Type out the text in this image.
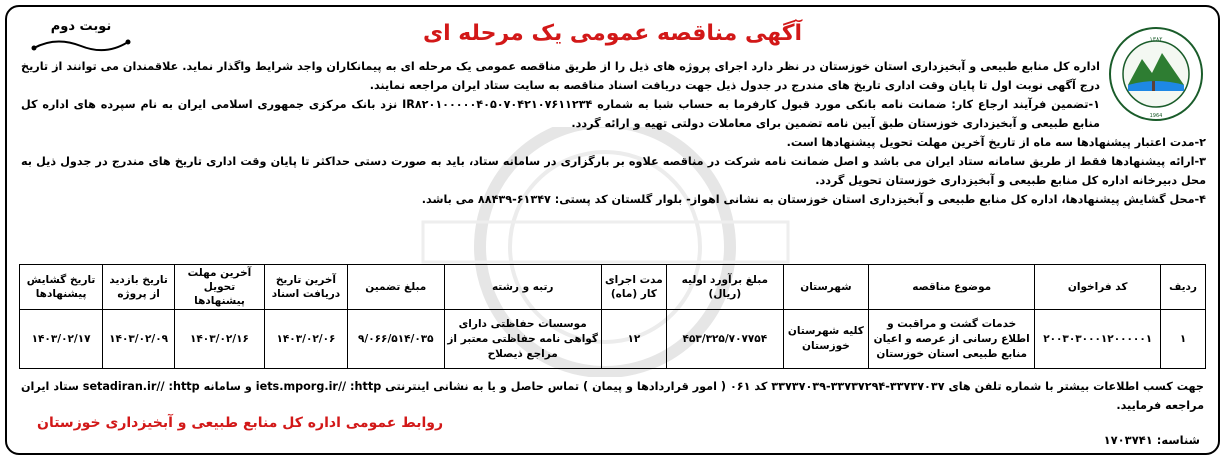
۱۳۸۲
1964
نوبت دوم	آگهی مناقصه عمومی یک مرحله ای

اداره کل منابع طبیعی و آبخیزداری استان خوزستان در نظر دارد اجرای پروژه های ذیل را از طریق مناقصه عمومی یک مرحله ای به پیمانکاران واجد شرایط واگذار نماید. علاقمندان می توانند از تاریخ درج آگهی نوبت اول تا پایان وقت اداری تاریخ های مندرج در جدول ذیل جهت دریافت اسناد مناقصه به سایت ستاد ایران مراجعه نمایند.

۱-تضمین فرآیند ارجاع کار: ضمانت نامه بانکی مورد قبول کارفرما به حساب شبا به شماره IR۸۲۰۱۰۰۰۰۰۴۰۵۰۷۰۴۲۱۰۷۶۱۱۲۳۴ نزد بانک مرکزی جمهوری اسلامی ایران به نام سپرده های اداره کل منابع طبیعی و آبخیزداری خوزستان طبق آیین نامه تضمین برای معاملات دولتی تهیه و ارائه گردد.

۲-مدت اعتبار پیشنهادها سه ماه از تاریخ آخرین مهلت تحویل پیشنهادها است.

۳-ارائه پیشنهادها فقط از طریق سامانه ستاد ایران می باشد و اصل ضمانت نامه شرکت در مناقصه علاوه بر بارگزاری در سامانه ستاد، باید به صورت دستی حداکثر تا پایان وقت اداری تاریخ های مندرج در جدول ذیل به محل دبیرخانه اداره کل منابع طبیعی و آبخیزداری خوزستان تحویل گردد.

۴-محل گشایش پیشنهادها، اداره کل منابع طبیعی و آبخیزداری استان خوزستان به نشانی اهواز- بلوار گلستان کد پستی: ۶۱۳۴۷-۸۸۴۳۹ می باشد.

ردیف	کد فراخوان	موضوع مناقصه	شهرستان	مبلغ برآورد اولیه (ریال)	مدت اجرای کار (ماه)	رتبه و رشته	مبلغ تضمین	آخرین تاریخ دریافت اسناد	آخرین مهلت تحویل پیشنهادها	تاریخ بازدید از پروژه	تاریخ گشایش پیشنهادها
۱	۲۰۰۳۰۳۰۰۰۱۲۰۰۰۰۰۱	خدمات گشت و مراقبت و اطلاع رسانی از عرصه و اعیان منابع طبیعی استان خوزستان	کلیه شهرستان خوزستان	۴۵۳/۳۲۵/۷۰۷۷۵۴	۱۲	موسسات حفاظتی دارای گواهی نامه حفاظتی معتبر از مراجع ذیصلاح	۹/۰۶۶/۵۱۴/۰۳۵	۱۴۰۳/۰۲/۰۶	۱۴۰۳/۰۲/۱۶	۱۴۰۳/۰۲/۰۹	۱۴۰۳/۰۲/۱۷
جهت کسب اطلاعات بیشتر با شماره تلفن های ۳۳۷۳۷۰۳۷-۳۳۷۳۷۲۹۴-۳۳۷۳۷۰۳۹ کد ۰۶۱ ( امور قراردادها و پیمان ) تماس حاصل و یا به نشانی اینترنتی iets.mporg.ir// :http و سامانه setadiran.ir// :http ستاد ایران مراجعه فرمایید.
روابط عمومی اداره کل منابع طبیعی و آبخیزداری خوزستان
شناسه: ۱۷۰۳۷۴۱
